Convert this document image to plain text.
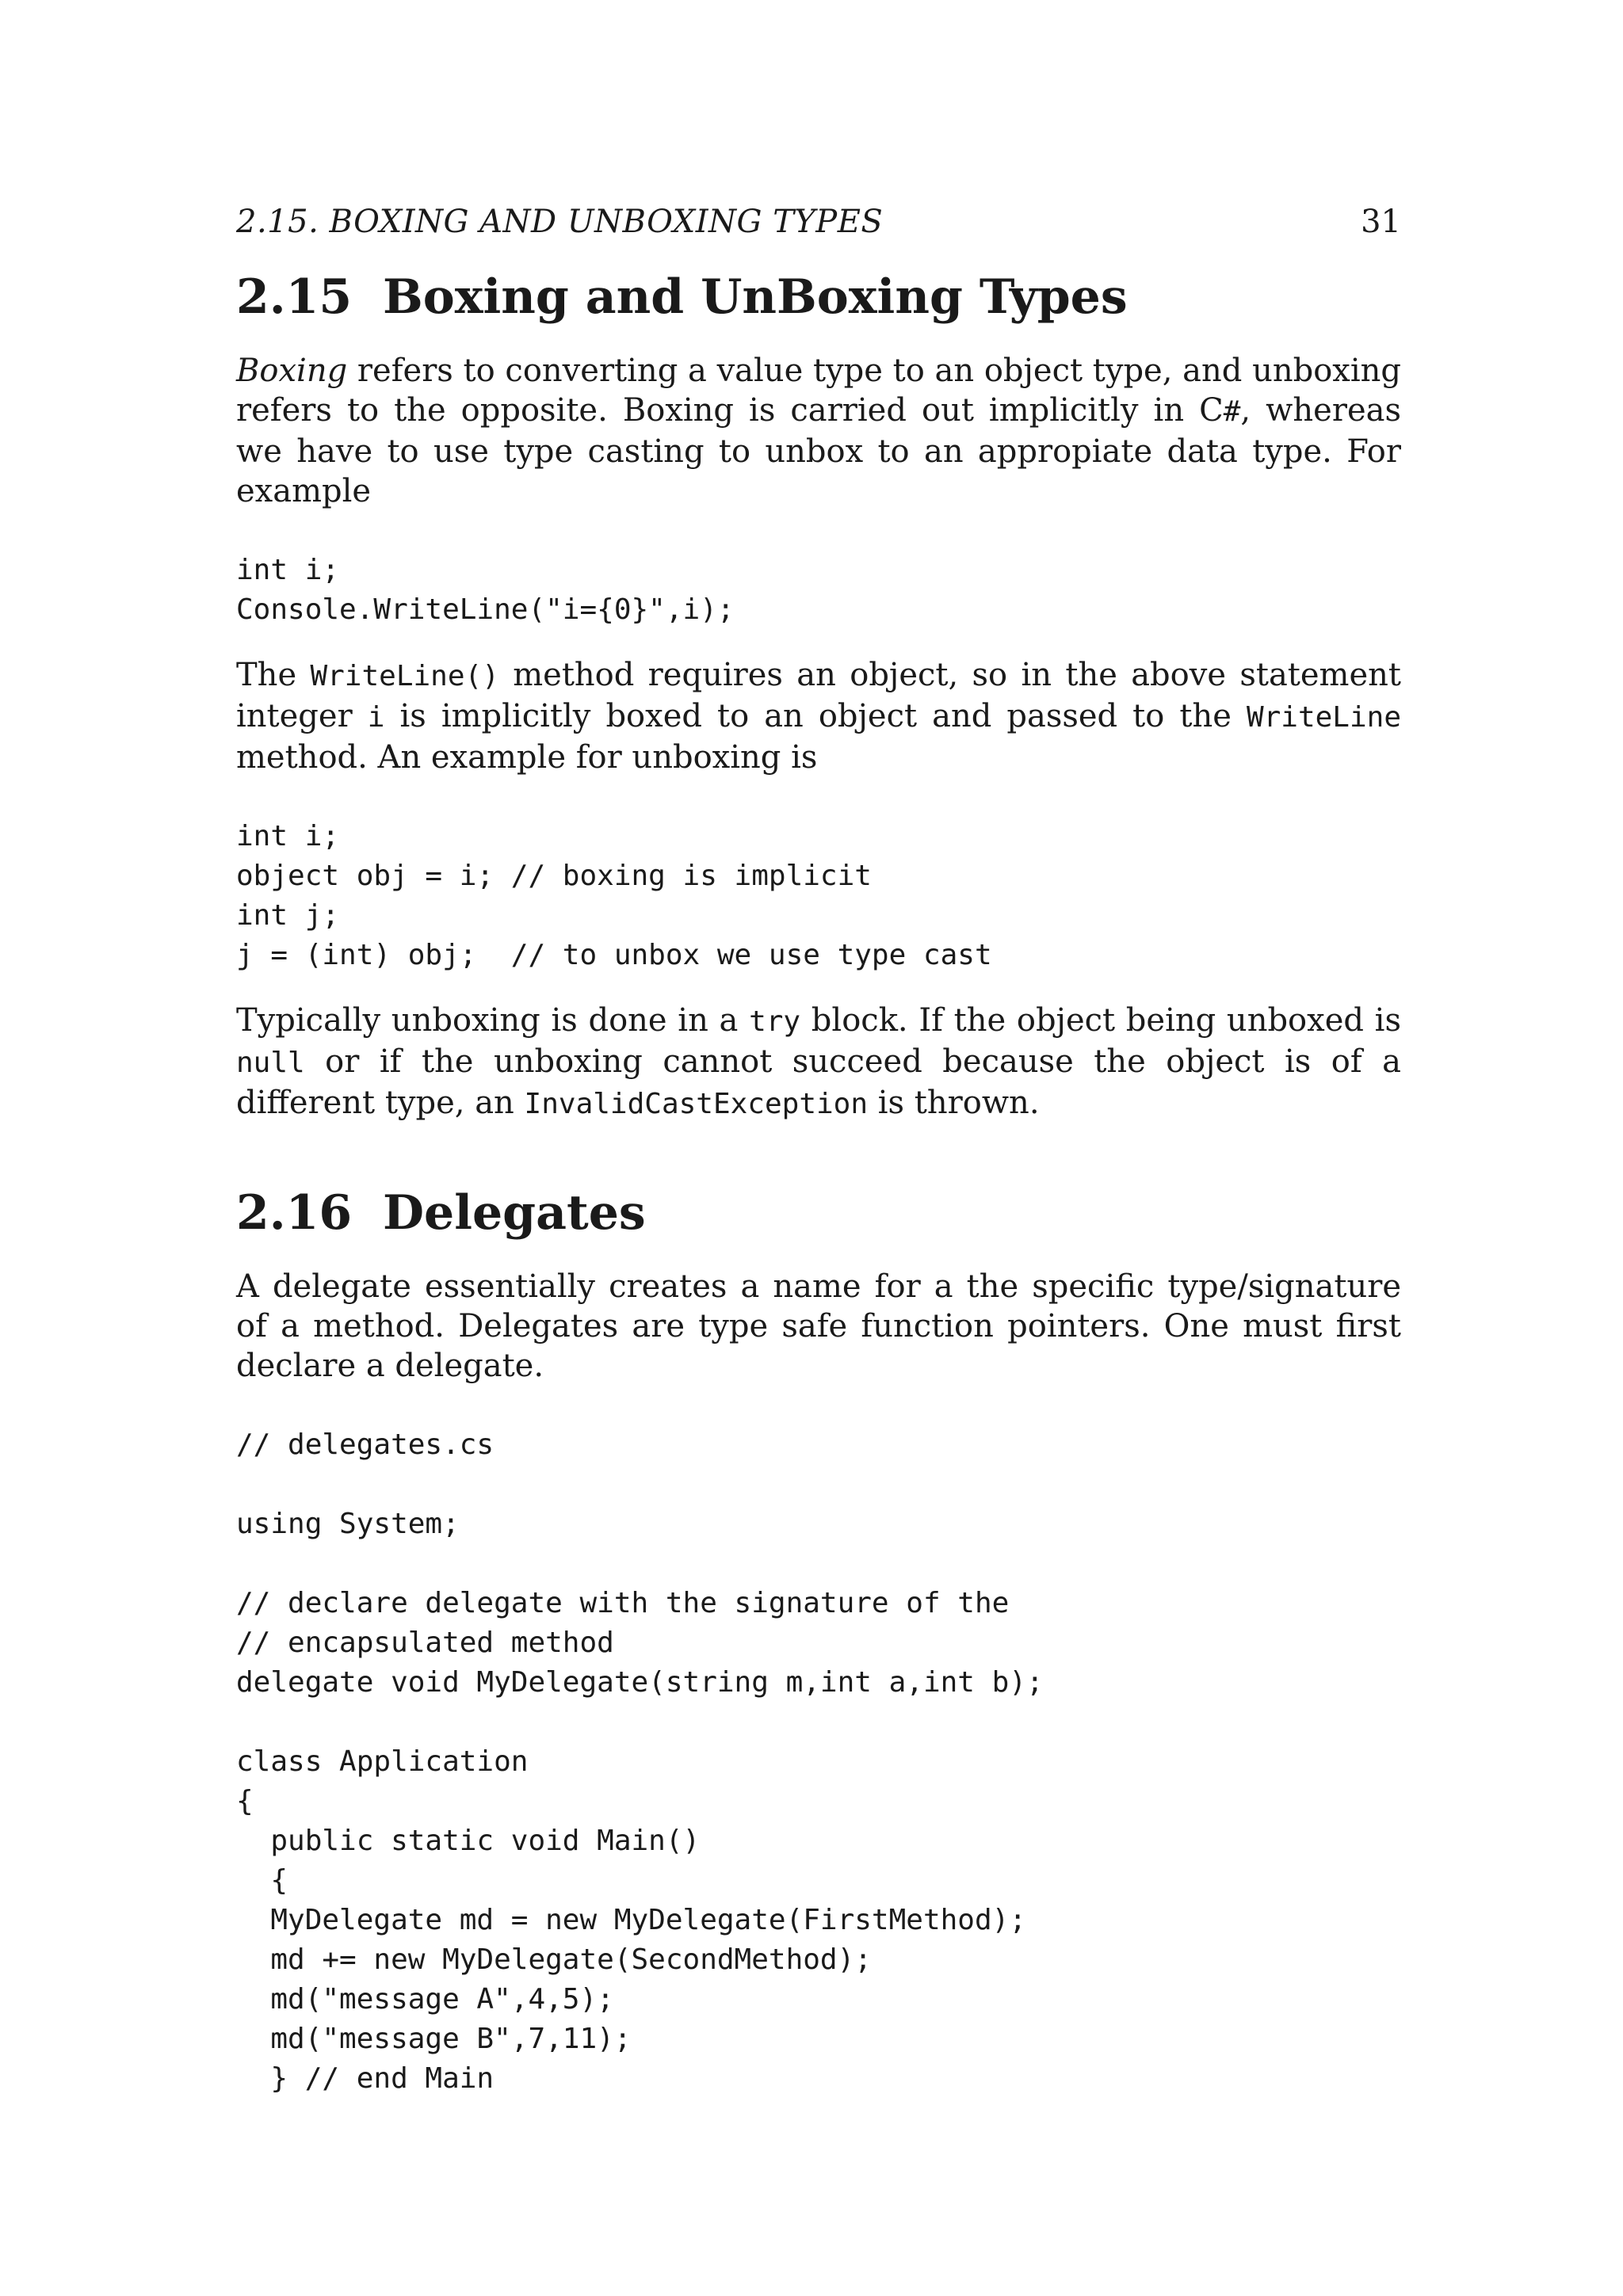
2.15. BOXING AND UNBOXING TYPES	31
2.15 Boxing and UnBoxing Types

Boxing refers to converting a value type to an object type, and unboxing refers to the opposite. Boxing is carried out implicitly in C#, whereas we have to use type casting to unbox to an appropiate data type. For example

int i;
Console.WriteLine("i={0}",i);

The WriteLine() method requires an object, so in the above statement integer i is implicitly boxed to an object and passed to the WriteLine method. An example for unboxing is

int i;
object obj = i; // boxing is implicit
int j;
j = (int) obj;  // to unbox we use type cast

Typically unboxing is done in a try block. If the object being unboxed is null or if the unboxing cannot succeed because the object is of a different type, an InvalidCastException is thrown.

2.16 Delegates

A delegate essentially creates a name for a the specific type/signature of a method. Delegates are type safe function pointers. One must first declare a delegate.

// delegates.cs
using System;
// declare delegate with the signature of the
// encapsulated method
delegate void MyDelegate(string m,int a,int b);
class Application
{
public static void Main()
{
MyDelegate md = new MyDelegate(FirstMethod);
md += new MyDelegate(SecondMethod);
md("message A",4,5);
md("message B",7,11);
} // end Main
